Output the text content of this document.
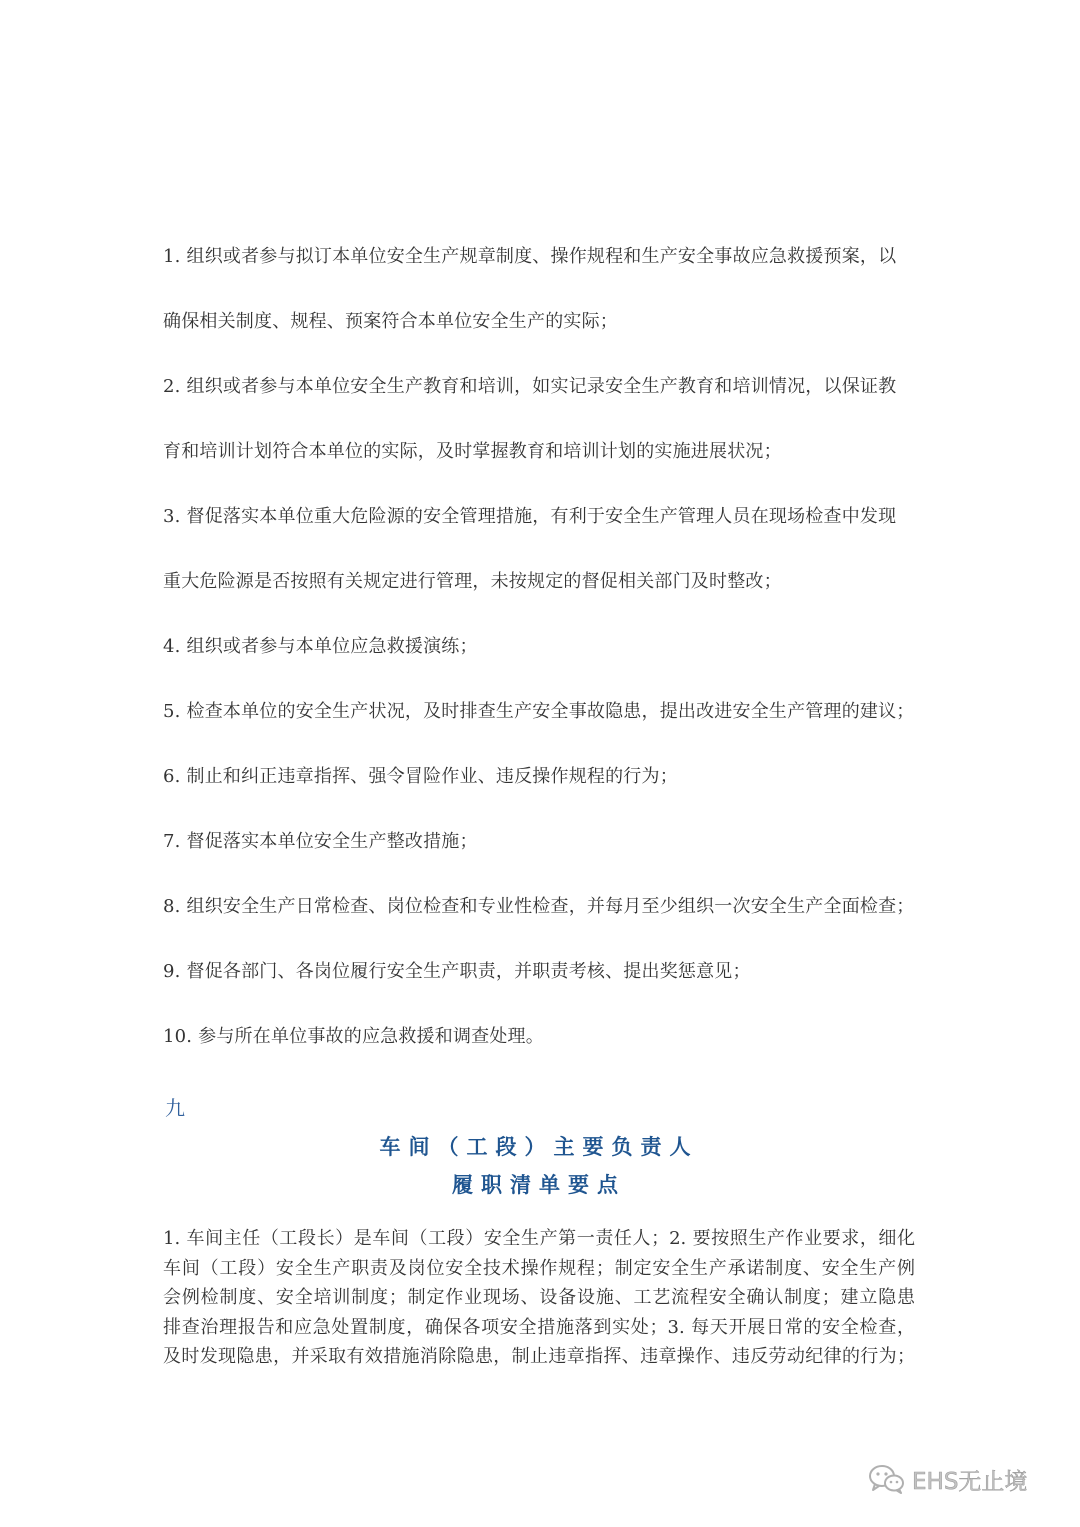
1. 组织或者参与拟订本单位安全生产规章制度、操作规程和生产安全事故应急救援预案，以
确保相关制度、规程、预案符合本单位安全生产的实际；
2. 组织或者参与本单位安全生产教育和培训，如实记录安全生产教育和培训情况，以保证教
育和培训计划符合本单位的实际，及时掌握教育和培训计划的实施进展状况；
3. 督促落实本单位重大危险源的安全管理措施，有利于安全生产管理人员在现场检查中发现
重大危险源是否按照有关规定进行管理，未按规定的督促相关部门及时整改；
4. 组织或者参与本单位应急救援演练；
5. 检查本单位的安全生产状况，及时排查生产安全事故隐患，提出改进安全生产管理的建议；
6. 制止和纠正违章指挥、强令冒险作业、违反操作规程的行为；
7. 督促落实本单位安全生产整改措施；
8. 组织安全生产日常检查、岗位检查和专业性检查，并每月至少组织一次安全生产全面检查；
9. 督促各部门、各岗位履行安全生产职责，并职责考核、提出奖惩意见；
10. 参与所在单位事故的应急救援和调查处理。
九
车间（工段）主要负责人
履职清单要点
1. 车间主任（工段长）是车间（工段）安全生产第一责任人；2. 要按照生产作业要求，细化
车间（工段）安全生产职责及岗位安全技术操作规程；制定安全生产承诺制度、安全生产例
会例检制度、安全培训制度；制定作业现场、设备设施、工艺流程安全确认制度；建立隐患
排查治理报告和应急处置制度，确保各项安全措施落到实处；3. 每天开展日常的安全检查，
及时发现隐患，并采取有效措施消除隐患，制止违章指挥、违章操作、违反劳动纪律的行为；
EHS无止境
